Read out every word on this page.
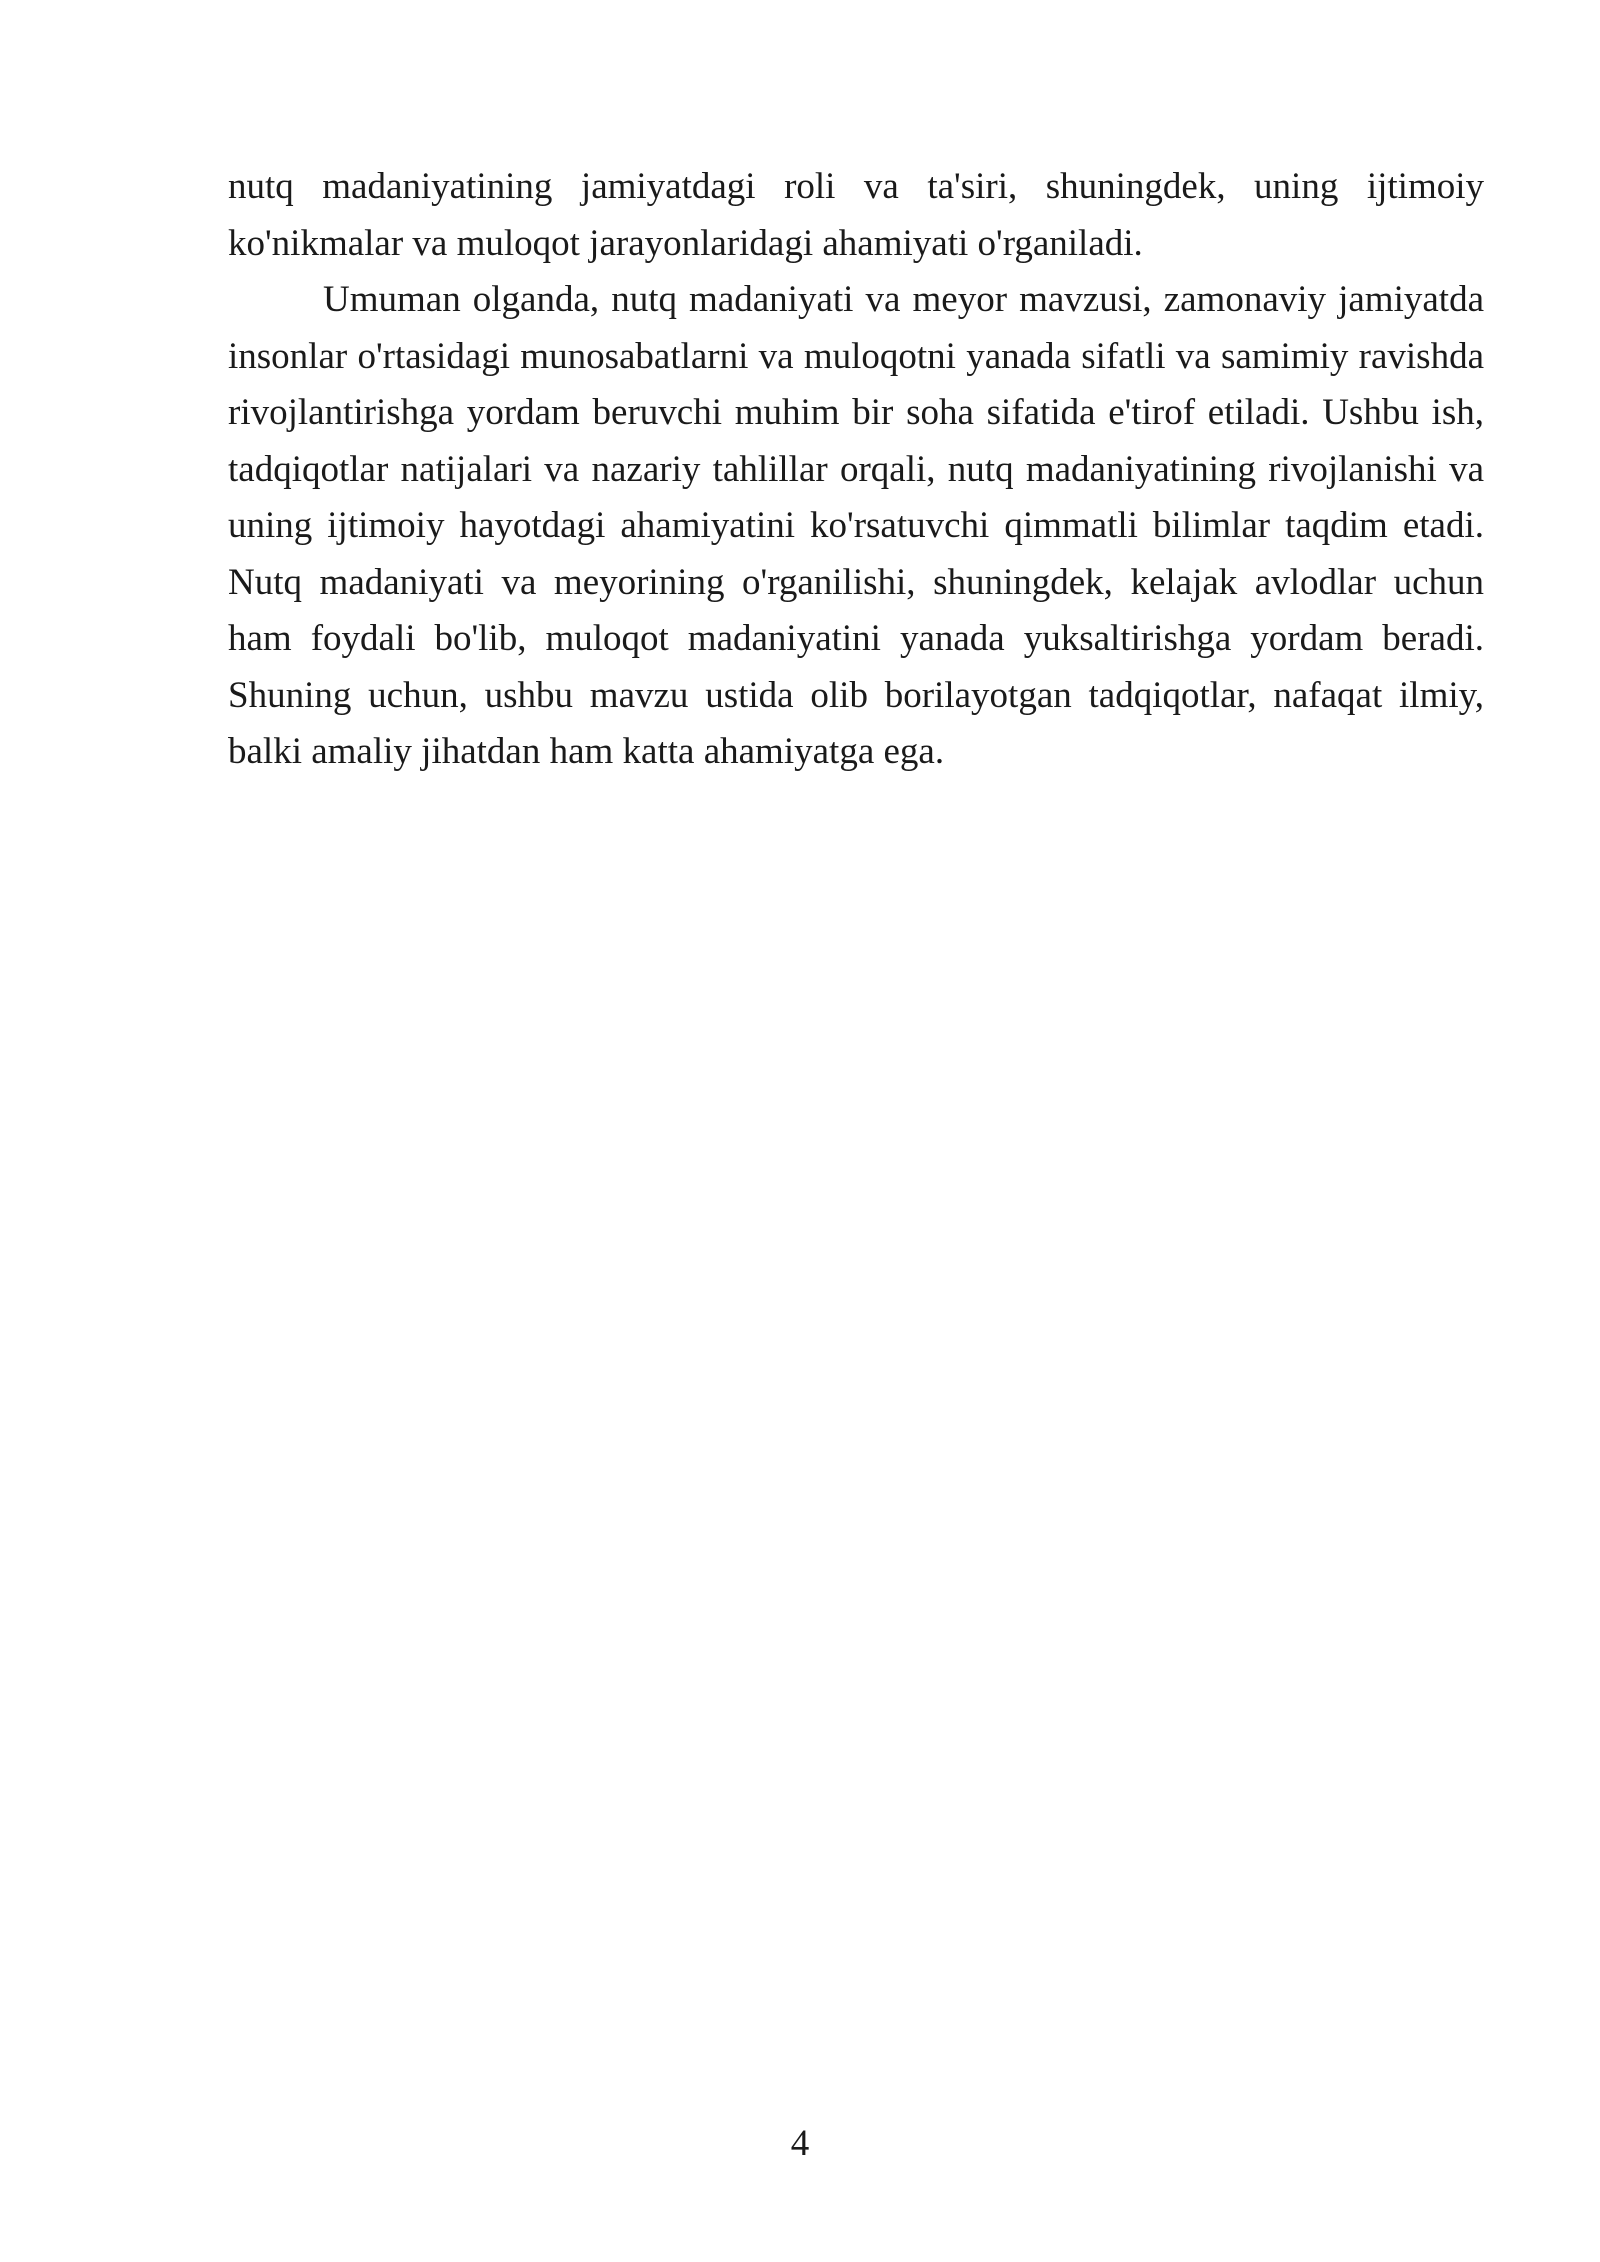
nutq madaniyatining jamiyatdagi roli va ta'siri, shuningdek, uning ijtimoiy ko'nikmalar va muloqot jarayonlaridagi ahamiyati o'rganiladi.

Umuman olganda, nutq madaniyati va meyor mavzusi, zamonaviy jamiyatda insonlar o'rtasidagi munosabatlarni va muloqotni yanada sifatli va samimiy ravishda rivojlantirishga yordam beruvchi muhim bir soha sifatida e'tirof etiladi. Ushbu ish, tadqiqotlar natijalari va nazariy tahlillar orqali, nutq madaniyatining rivojlanishi va uning ijtimoiy hayotdagi ahamiyatini ko'rsatuvchi qimmatli bilimlar taqdim etadi. Nutq madaniyati va meyorining o'rganilishi, shuningdek, kelajak avlodlar uchun ham foydali bo'lib, muloqot madaniyatini yanada yuksaltirishga yordam beradi. Shuning uchun, ushbu mavzu ustida olib borilayotgan tadqiqotlar, nafaqat ilmiy, balki amaliy jihatdan ham katta ahamiyatga ega.

4
